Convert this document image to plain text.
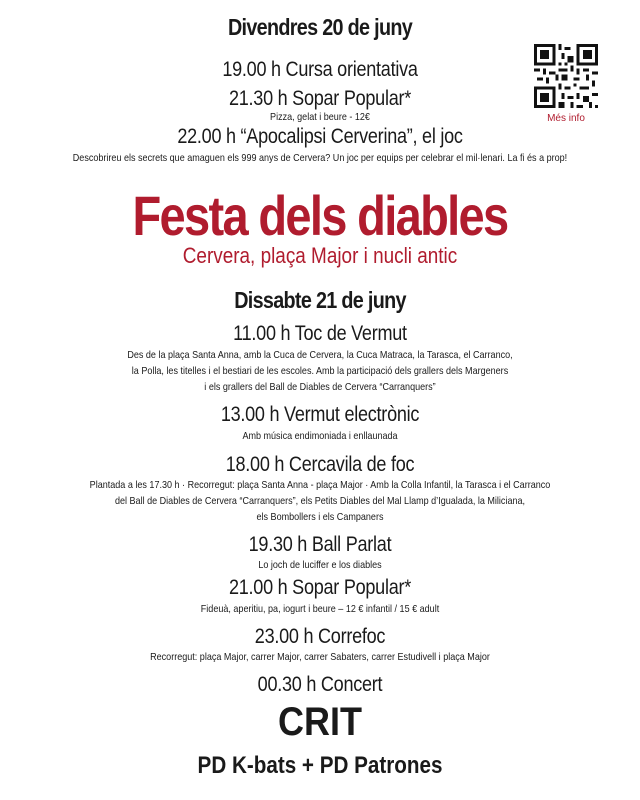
Divendres 20 de juny
19.00 h Cursa orientativa
21.30 h Sopar Popular*
Pizza, gelat i beure - 12€
22.00 h “Apocalipsi Cerverina”, el joc
Descobrireu els secrets que amaguen els 999 anys de Cervera? Un joc per equips per celebrar el mil·lenari. La fi és a prop!
Més info
Festa dels diables
Cervera, plaça Major i nucli antic
Dissabte 21 de juny
11.00 h Toc de Vermut
Des de la plaça Santa Anna, amb la Cuca de Cervera, la Cuca Matraca, la Tarasca, el Carranco,
la Polla, les titelles i el bestiari de les escoles. Amb la participació dels grallers dels Margeners
i els grallers del Ball de Diables de Cervera “Carranquers”
13.00 h Vermut electrònic
Amb música endimoniada i enllaunada
18.00 h Cercavila de foc
Plantada a les 17.30 h · Recorregut: plaça Santa Anna - plaça Major · Amb la Colla Infantil, la Tarasca i el Carranco
del Ball de Diables de Cervera “Carranquers”, els Petits Diables del Mal Llamp d’Igualada, la Miliciana,
els Bombollers i els Campaners
19.30 h Ball Parlat
Lo joch de luciffer e los diables
21.00 h Sopar Popular*
Fideuà, aperitiu, pa, iogurt i beure – 12 € infantil / 15 € adult
23.00 h Correfoc
Recorregut: plaça Major, carrer Major, carrer Sabaters, carrer Estudivell i plaça Major
00.30 h Concert
CRIT
PD K-bats + PD Patrones
